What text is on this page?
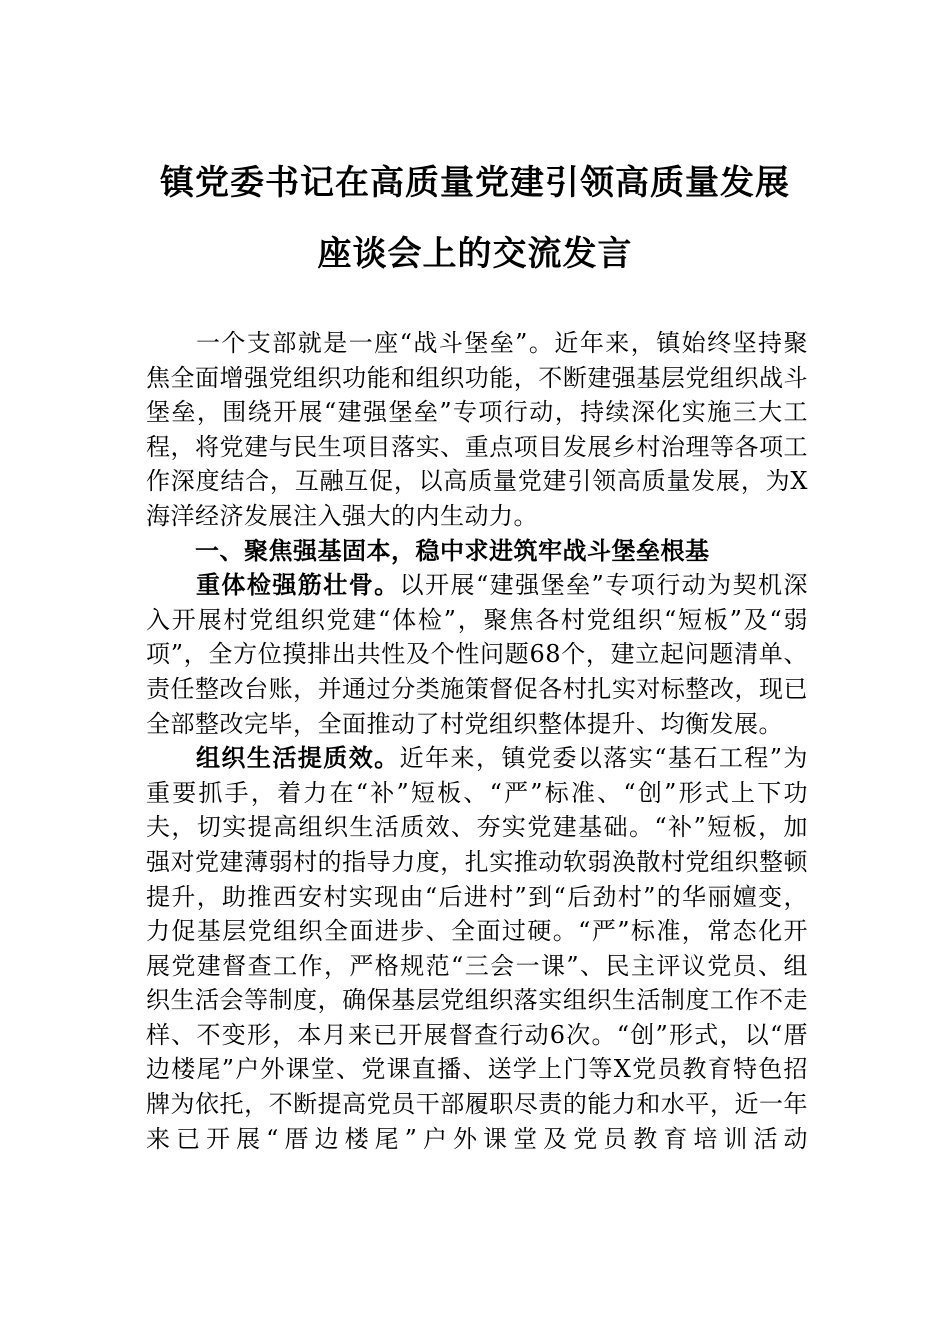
镇党委书记在高质量党建引领高质量发展
座谈会上的交流发言

一个支部就是一座“战斗堡垒”。近年来，镇始终坚持聚焦全面增强党组织功能和组织功能，不断建强基层党组织战斗堡垒，围绕开展“建强堡垒”专项行动，持续深化实施三大工程，将党建与民生项目落实、重点项目发展乡村治理等各项工作深度结合，互融互促，以高质量党建引领高质量发展，为X海洋经济发展注入强大的内生动力。

一、聚焦强基固本，稳中求进筑牢战斗堡垒根基

重体检强筋壮骨。以开展“建强堡垒”专项行动为契机深入开展村党组织党建“体检”，聚焦各村党组织“短板”及“弱项”，全方位摸排出共性及个性问题68个，建立起问题清单、责任整改台账，并通过分类施策督促各村扎实对标整改，现已全部整改完毕，全面推动了村党组织整体提升、均衡发展。

组织生活提质效。近年来，镇党委以落实“基石工程”为重要抓手，着力在“补”短板、“严”标准、“创”形式上下功夫，切实提高组织生活质效、夯实党建基础。“补”短板，加强对党建薄弱村的指导力度，扎实推动软弱涣散村党组织整顿提升，助推西安村实现由“后进村”到“后劲村”的华丽嬗变，力促基层党组织全面进步、全面过硬。“严”标准，常态化开展党建督查工作，严格规范“三会一课”、民主评议党员、组织生活会等制度，确保基层党组织落实组织生活制度工作不走样、不变形，本月来已开展督查行动6次。“创”形式，以“厝边楼尾”户外课堂、党课直播、送学上门等X党员教育特色招牌为依托，不断提高党员干部履职尽责的能力和水平，近一年来已开展“厝边楼尾”户外课堂及党员教育培训活动
